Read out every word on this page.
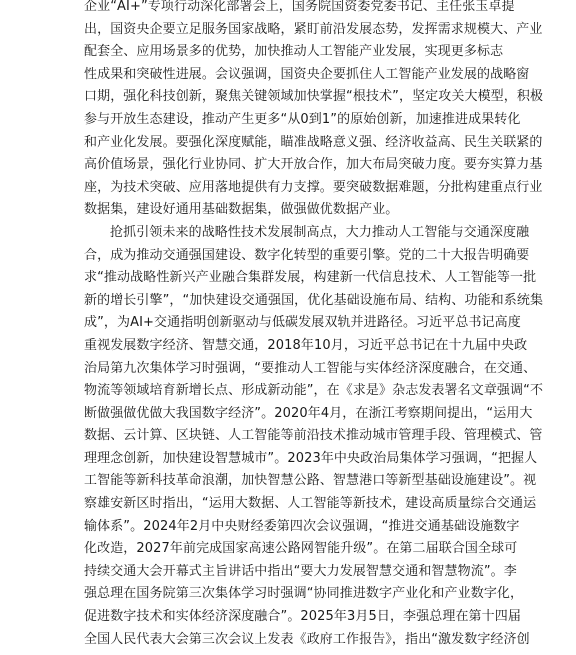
企业“AI+”专项行动深化部署会上，国务院国资委党委书记、主任张玉卓提
出，国资央企要立足服务国家战略，紧盯前沿发展态势，发挥需求规模大、产业
配套全、应用场景多的优势，加快推动人工智能产业发展，实现更多标志
性成果和突破性进展。会议强调，国资央企要抓住人工智能产业发展的战略窗
口期，强化科技创新，聚焦关键领域加快掌握“根技术”，坚定攻关大模型，积极
参与开放生态建设，推动产生更多“从0到1”的原始创新，加速推进成果转化
和产业化发展。要强化深度赋能，瞄准战略意义强、经济收益高、民生关联紧的
高价值场景，强化行业协同、扩大开放合作，加大布局突破力度。要夯实算力基
座，为技术突破、应用落地提供有力支撑。要突破数据难题，分批构建重点行业
数据集，建设好通用基础数据集，做强做优数据产业。
抢抓引领未来的战略性技术发展制高点，大力推动人工智能与交通深度融
合，成为推动交通强国建设、数字化转型的重要引擎。党的二十大报告明确要
求“推动战略性新兴产业融合集群发展，构建新一代信息技术、人工智能等一批
新的增长引擎”，“加快建设交通强国，优化基础设施布局、结构、功能和系统集
成”，为AI+交通指明创新驱动与低碳发展双轨并进路径。习近平总书记高度
重视发展数字经济、智慧交通，2018年10月，习近平总书记在十九届中央政
治局第九次集体学习时强调，“要推动人工智能与实体经济深度融合，在交通、
物流等领域培育新增长点、形成新动能”，在《求是》杂志发表署名文章强调“不
断做强做优做大我国数字经济”。2020年4月，在浙江考察期间提出，“运用大
数据、云计算、区块链、人工智能等前沿技术推动城市管理手段、管理模式、管
理理念创新，加快建设智慧城市”。2023年中央政治局集体学习强调，“把握人
工智能等新科技革命浪潮，加快智慧公路、智慧港口等新型基础设施建设”。视
察雄安新区时指出，“运用大数据、人工智能等新技术，建设高质量综合交通运
输体系”。2024年2月中央财经委第四次会议强调，“推进交通基础设施数字
化改造，2027年前完成国家高速公路网智能升级”。在第二届联合国全球可
持续交通大会开幕式主旨讲话中指出“要大力发展智慧交通和智慧物流”。李
强总理在国务院第三次集体学习时强调“协同推进数字产业化和产业数字化，
促进数字技术和实体经济深度融合”。2025年3月5日，李强总理在第十四届
全国人民代表大会第三次会议上发表《政府工作报告》，指出“激发数字经济创
